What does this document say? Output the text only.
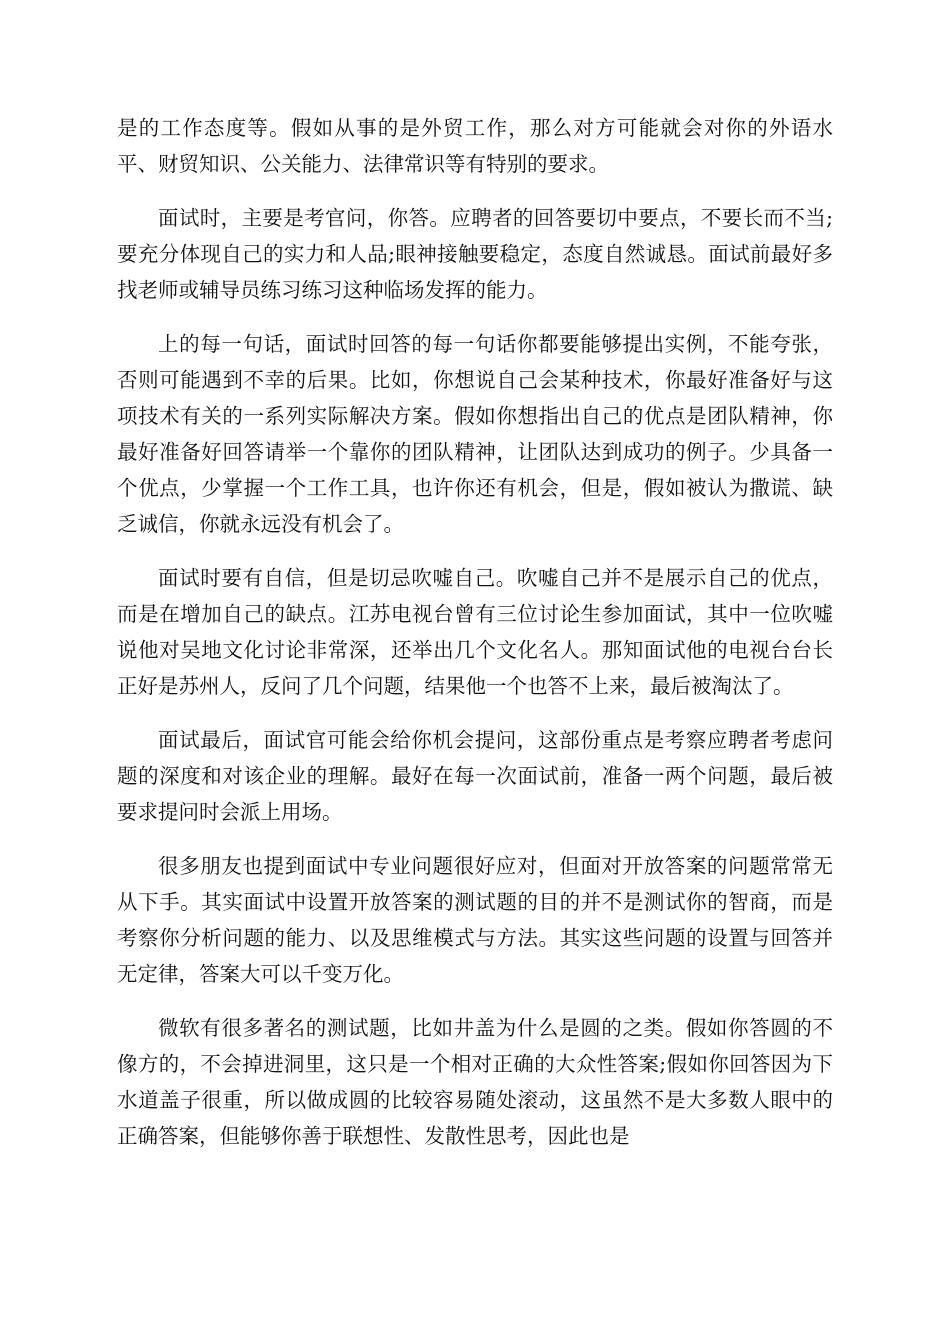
是的工作态度等。假如从事的是外贸工作，那么对方可能就会对你的外语水平、财贸知识、公关能力、法律常识等有特别的要求。

面试时，主要是考官问，你答。应聘者的回答要切中要点，不要长而不当;要充分体现自己的实力和人品;眼神接触要稳定，态度自然诚恳。面试前最好多找老师或辅导员练习练习这种临场发挥的能力。

上的每一句话，面试时回答的每一句话你都要能够提出实例，不能夸张，否则可能遇到不幸的后果。比如，你想说自己会某种技术，你最好准备好与这项技术有关的一系列实际解决方案。假如你想指出自己的优点是团队精神，你最好准备好回答请举一个靠你的团队精神，让团队达到成功的例子。少具备一个优点，少掌握一个工作工具，也许你还有机会，但是，假如被认为撒谎、缺乏诚信，你就永远没有机会了。

面试时要有自信，但是切忌吹嘘自己。吹嘘自己并不是展示自己的优点，而是在增加自己的缺点。江苏电视台曾有三位讨论生参加面试，其中一位吹嘘说他对吴地文化讨论非常深，还举出几个文化名人。那知面试他的电视台台长正好是苏州人，反问了几个问题，结果他一个也答不上来，最后被淘汰了。

面试最后，面试官可能会给你机会提问，这部份重点是考察应聘者考虑问题的深度和对该企业的理解。最好在每一次面试前，准备一两个问题，最后被要求提问时会派上用场。

很多朋友也提到面试中专业问题很好应对，但面对开放答案的问题常常无从下手。其实面试中设置开放答案的测试题的目的并不是测试你的智商，而是考察你分析问题的能力、以及思维模式与方法。其实这些问题的设置与回答并无定律，答案大可以千变万化。

微软有很多著名的测试题，比如井盖为什么是圆的之类。假如你答圆的不像方的，不会掉进洞里，这只是一个相对正确的大众性答案;假如你回答因为下水道盖子很重，所以做成圆的比较容易随处滚动，这虽然不是大多数人眼中的正确答案，但能够你善于联想性、发散性思考，因此也是
